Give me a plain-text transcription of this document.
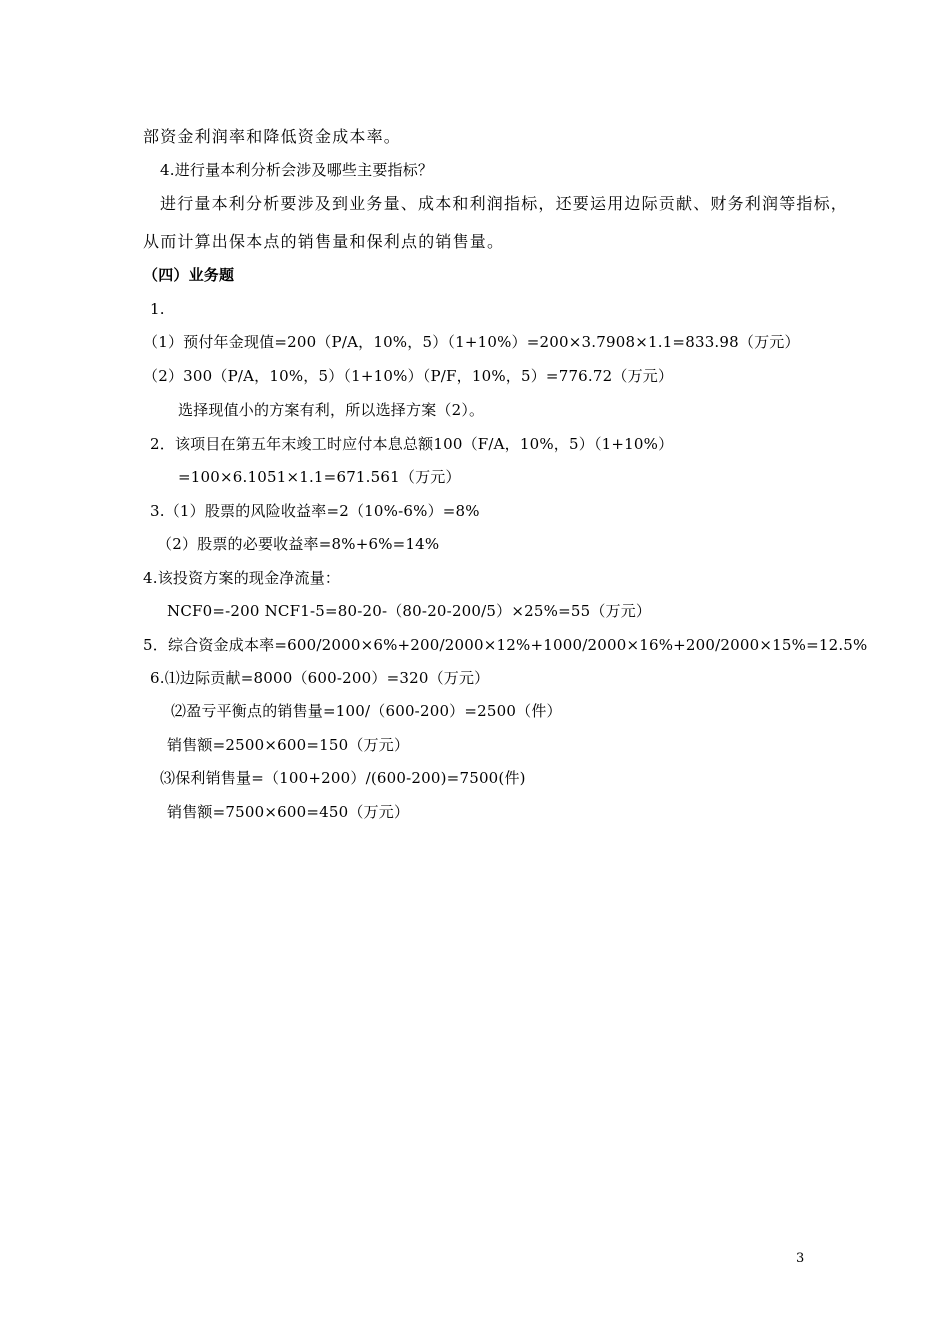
部资金利润率和降低资金成本率。
4.进行量本利分析会涉及哪些主要指标？
进行量本利分析要涉及到业务量、成本和利润指标，还要运用边际贡献、财务利润等指标，
从而计算出保本点的销售量和保利点的销售量。
（四）业务题
1.
（1）预付年金现值=200（P/A，10%，5）（1+10%）=200×3.7908×1.1=833.98（万元）
（2）300（P/A，10%，5）（1+10%）（P/F，10%，5）=776.72（万元）
选择现值小的方案有利，所以选择方案（2）。
2．该项目在第五年末竣工时应付本息总额100（F/A，10%，5）（1+10%）
=100×6.1051×1.1=671.561（万元）
3.（1）股票的风险收益率=2（10%-6%）=8%
（2）股票的必要收益率=8%+6%=14%
4.该投资方案的现金净流量：
NCF0=-200 NCF1-5=80-20-（80-20-200/5）×25%=55（万元）
5．综合资金成本率=600/2000×6%+200/2000×12%+1000/2000×16%+200/2000×15%=12.5%
6.⑴边际贡献=8000（600-200）=320（万元）
⑵盈亏平衡点的销售量=100/（600-200）=2500（件）
销售额=2500×600=150（万元）
⑶保利销售量=（100+200）/(600-200)=7500(件)
销售额=7500×600=450（万元）
3
